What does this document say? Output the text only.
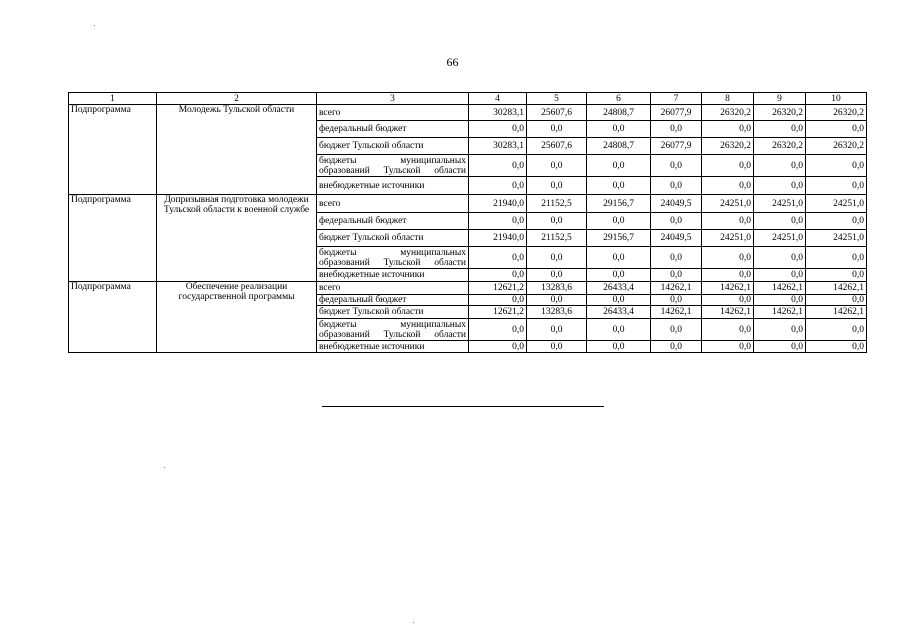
66
1	2	3	4	5	6	7	8	9	10
Подпрограмма	Молодежь Тульской области	всего	30283,1	25607,6	24808,7	26077,9	26320,2	26320,2	26320,2
		федеральный бюджет	0,0	0,0	0,0	0,0	0,0	0,0	0,0
		бюджет Тульской области	30283,1	25607,6	24808,7	26077,9	26320,2	26320,2	26320,2
		бюджеты муниципальных образований Тульской области	0,0	0,0	0,0	0,0	0,0	0,0	0,0
		внебюджетные источники	0,0	0,0	0,0	0,0	0,0	0,0	0,0
Подпрограмма	Допризывная подготовка молодежи Тульской области к военной службе	всего	21940,0	21152,5	29156,7	24049,5	24251,0	24251,0	24251,0
		федеральный бюджет	0,0	0,0	0,0	0,0	0,0	0,0	0,0
		бюджет Тульской области	21940,0	21152,5	29156,7	24049,5	24251,0	24251,0	24251,0
		бюджеты муниципальных образований Тульской области	0,0	0,0	0,0	0,0	0,0	0,0	0,0
		внебюджетные источники	0,0	0,0	0,0	0,0	0,0	0,0	0,0
Подпрограмма	Обеспечение реализации государственной программы	всего	12621,2	13283,6	26433,4	14262,1	14262,1	14262,1	14262,1
		федеральный бюджет	0,0	0,0	0,0	0,0	0,0	0,0	0,0
		бюджет Тульской области	12621,2	13283,6	26433,4	14262,1	14262,1	14262,1	14262,1
		бюджеты муниципальных образований Тульской области	0,0	0,0	0,0	0,0	0,0	0,0	0,0
		внебюджетные источники	0,0	0,0	0,0	0,0	0,0	0,0	0,0
